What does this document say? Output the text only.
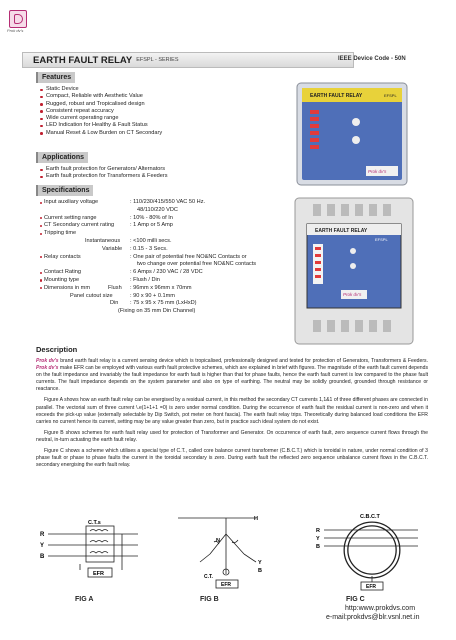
Prok dv's
EARTH FAULT RELAY EFSPL - SERIES	IEEE Device Code - 50N
Features
Static Device
Compact, Reliable with Aesthetic Value
Rugged, robust and Tropicalised design
Consistent repeat accuracy
Wide current operating range
LED Indication for Healthy & Fault Status
Manual Reset & Low Burden on CT Secondary
Applications
Earth fault protection for Generators/ Alternators
Earth fault protection for Transformers & Feeders
Specifications
Input auxiliary voltage	: 110/230/415/550 VAC 50 Hz.
48/110/220 VDC
Current setting range	: 10% - 80% of In
CT Secondary current rating	: 1 Amp or 5 Amp
Tripping time
Instantaneous : <100 milli secs.
Variable : 0.15 - 3 Secs.
Relay contacts	: One pair of potential free NO&NC Contacts or
two change over potential free NO&NC contacts
Contact Rating	: 6 Amps / 230 VAC / 28 VDC
Mounting type	: Flush / Din
Dimensions in mm	Flush : 96mm x 96mm x 70mm
Panel cutout size	: 90 x 90 + 0.1mm
Din : 75 x 95 x 75 mm (LxHxD)
(Fixing on 35 mm Din Channel)
EARTH FAULT RELAY	EFSPL
Prok dv's
EARTH FAULT RELAY
EFSPL
Prok dv's
Description

Prok dv's brand earth fault relay is a current sensing device which is tropicalised, professionally designed and tested for protection of Generators, Transformers & Feeders. Prok dv's make EFR can be employed with various earth fault protective schemes, which are explained in brief with figures. The magnitude of the earth fault current depends on the fault impedance and invariably the fault impedance for earth fault is higher than that for phase faults, hence the earth fault current is low compared to the phase fault currents. The fault impedance depends on the system parameter and also on type of earthing. The neutral may be solidly grounded, grounded through resistance or reactance.

Figure A shows how an earth fault relay can be energised by a residual current, in this method the secondary CT currents 1,1&1 of three different phases are connected in parallel. The vectorial sum of three current \.e(1+1+1 =0) is zero under normal condition. During the occurrence of earth fault the residual current is non-zero and when it exceeds the pick-up value (externally selectable by Dip Switch, pot meter on front fascia). The earth fault relay trips. Theoretically during balanced load conditions the EFR carries no current hence its current, setting may be any value greater than zero, but in practice such ideal system do not exist.

Figure B shows schemes for earth fault relay used for protection of Transformer and Generator. On occurrence of earth fault, zero sequence current flows through the neutral, in-turn actuating the earth fault relay.

Figure C shows a scheme which utilises a special type of C.T., called core balance current transformer (C.B.C.T.) which is toroidal in nature, under normal condition of 3 phase fault or phase to phase faults the current in the toroidal secondary is zero. During earth fault the reflected zero sequence unbalance current flows in the C.B.C.T. secondary energising the earth fault relay.

C.T.s
R
Y
B
EFR
FIG A
H
N
Y
B
C.T.
EFR
FIG B
C.B.C.T
R
Y
B
EFR
FIG C
http:www.prokdvs.com
e-mail:prokdvs@blr.vsnl.net.in
